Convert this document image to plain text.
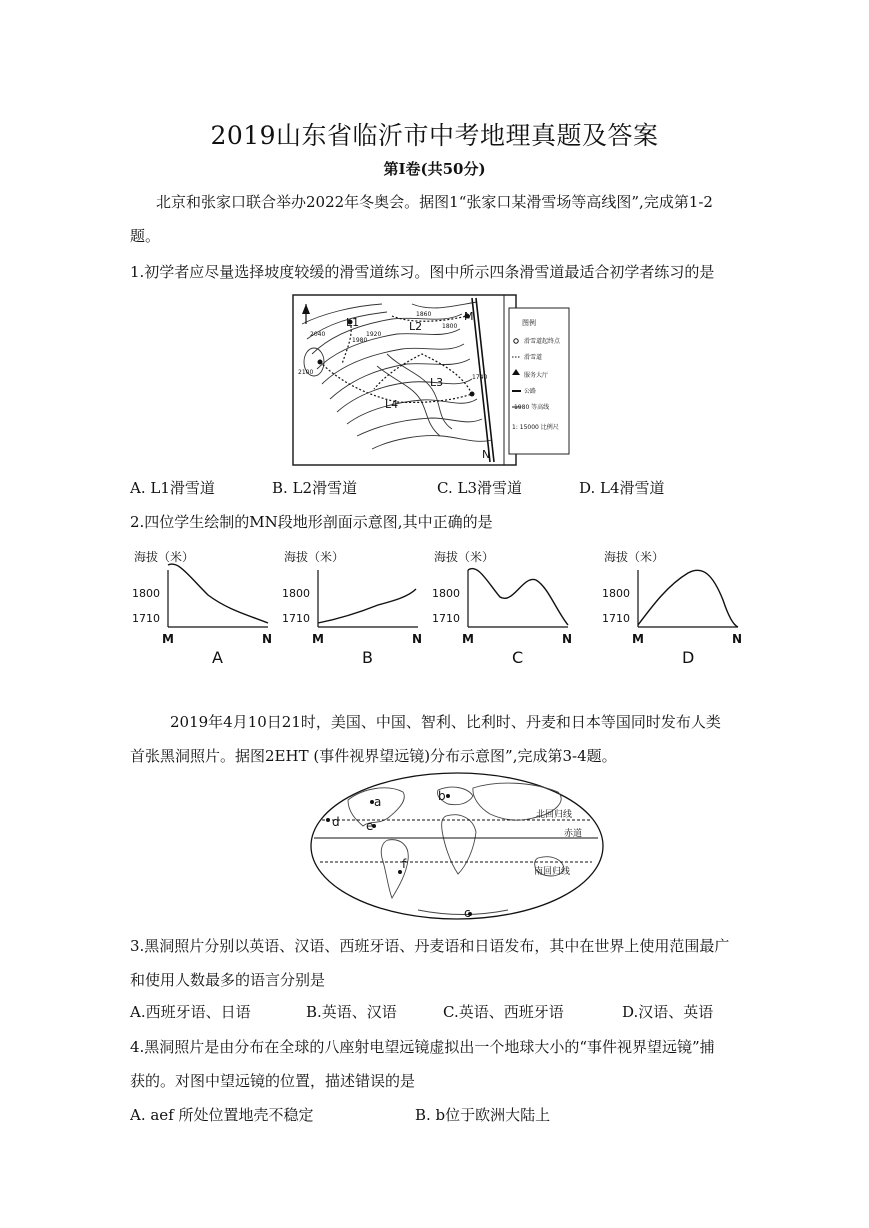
2019山东省临沂市中考地理真题及答案
第Ⅰ卷(共50分)
北京和张家口联合举办2022年冬奥会。据图1“张家口某滑雪场等高线图”,完成第1-2
题。
1.初学者应尽量选择坡度较缓的滑雪道练习。图中所示四条滑雪道最适合初学者练习的是
L1	L2
L3
L4
M
N
1860
1920
1980
2040
2100
1800
1740
图例
滑雪道起终点
滑雪道
服务大厅
公路
1980 等高线
1: 15000 比例尺
A. L1滑雪道	B. L2滑雪道	C. L3滑雪道	D. L4滑雪道
2.四位学生绘制的MN段地形剖面示意图,其中正确的是
海拔（米）
1800
1710
M	N
A
海拔（米）
1800
1710
M	N
B
海拔（米）
1800
1710
M	N
C
海拔（米）
1800
1710
M	N
D
2019年4月10日21时，美国、中国、智利、比利时、丹麦和日本等国同时发布人类
首张黑洞照片。据图2EHT (事件视界望远镜)分布示意图”,完成第3-4题。
a	b
c
d e
f
北回归线
赤道
南回归线
3.黑洞照片分别以英语、汉语、西班牙语、丹麦语和日语发布，其中在世界上使用范围最广
和使用人数最多的语言分别是
A.西班牙语、日语	B.英语、汉语	C.英语、西班牙语	D.汉语、英语
4.黑洞照片是由分布在全球的八座射电望远镜虚拟出一个地球大小的“事件视界望远镜”捕
获的。对图中望远镜的位置，描述错误的是
A. aef 所处位置地壳不稳定	B. b位于欧洲大陆上
